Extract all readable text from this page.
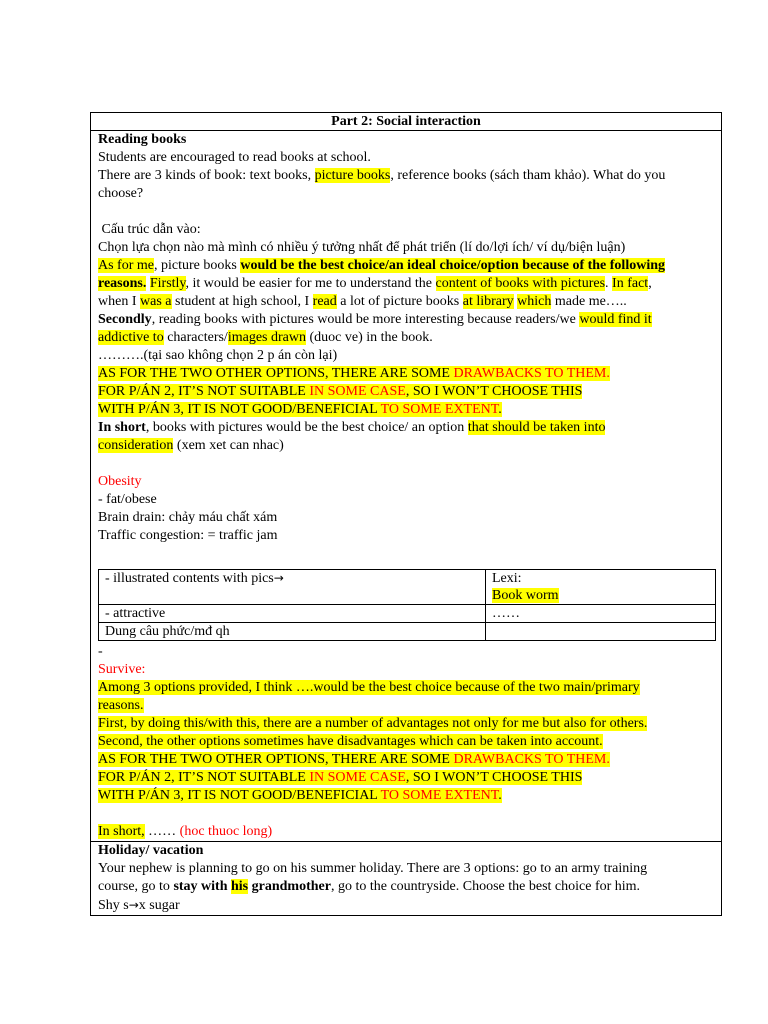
Part 2: Social interaction
Reading books
Students are encouraged to read books at school.
There are 3 kinds of book: text books, picture books, reference books (sách tham khảo). What do you
choose?
Cấu trúc dẫn vào:
Chọn lựa chọn nào mà mình có nhiều ý tưởng nhất để phát triển (lí do/lợi ích/ ví dụ/biện luận)
As for me, picture books would be the best choice/an ideal choice/option because of the following
reasons. Firstly, it would be easier for me to understand the content of books with pictures. In fact,
when I was a student at high school, I read a lot of picture books at library which made me…..
Secondly, reading books with pictures would be more interesting because readers/we would find it
addictive to characters/images drawn (duoc ve) in the book.
……….(tại sao không chọn 2 p án còn lại)
AS FOR THE TWO OTHER OPTIONS, THERE ARE SOME DRAWBACKS TO THEM.
FOR P/ÁN 2, IT’S NOT SUITABLE IN SOME CASE, SO I WON’T CHOOSE THIS
WITH P/ÁN 3, IT IS NOT GOOD/BENEFICIAL TO SOME EXTENT.
In short, books with pictures would be the best choice/ an option that should be taken into
consideration (xem xet can nhac)
Obesity
- fat/obese
Brain drain: chảy máu chất xám
Traffic congestion: = traffic jam
- illustrated contents with pics→	Lexi:
Book worm

- attractive	……
Dung câu phức/mđ qh	
-
Survive:
Among 3 options provided, I think ….would be the best choice because of the two main/primary
reasons.
First, by doing this/with this, there are a number of advantages not only for me but also for others.
Second, the other options sometimes have disadvantages which can be taken into account.
AS FOR THE TWO OTHER OPTIONS, THERE ARE SOME DRAWBACKS TO THEM.
FOR P/ÁN 2, IT’S NOT SUITABLE IN SOME CASE, SO I WON’T CHOOSE THIS
WITH P/ÁN 3, IT IS NOT GOOD/BENEFICIAL TO SOME EXTENT.
In short, …… (hoc thuoc long)
Holiday/ vacation
Your nephew is planning to go on his summer holiday. There are 3 options: go to an army training
course, go to stay with his grandmother, go to the countryside. Choose the best choice for him.
Shy s→x sugar
